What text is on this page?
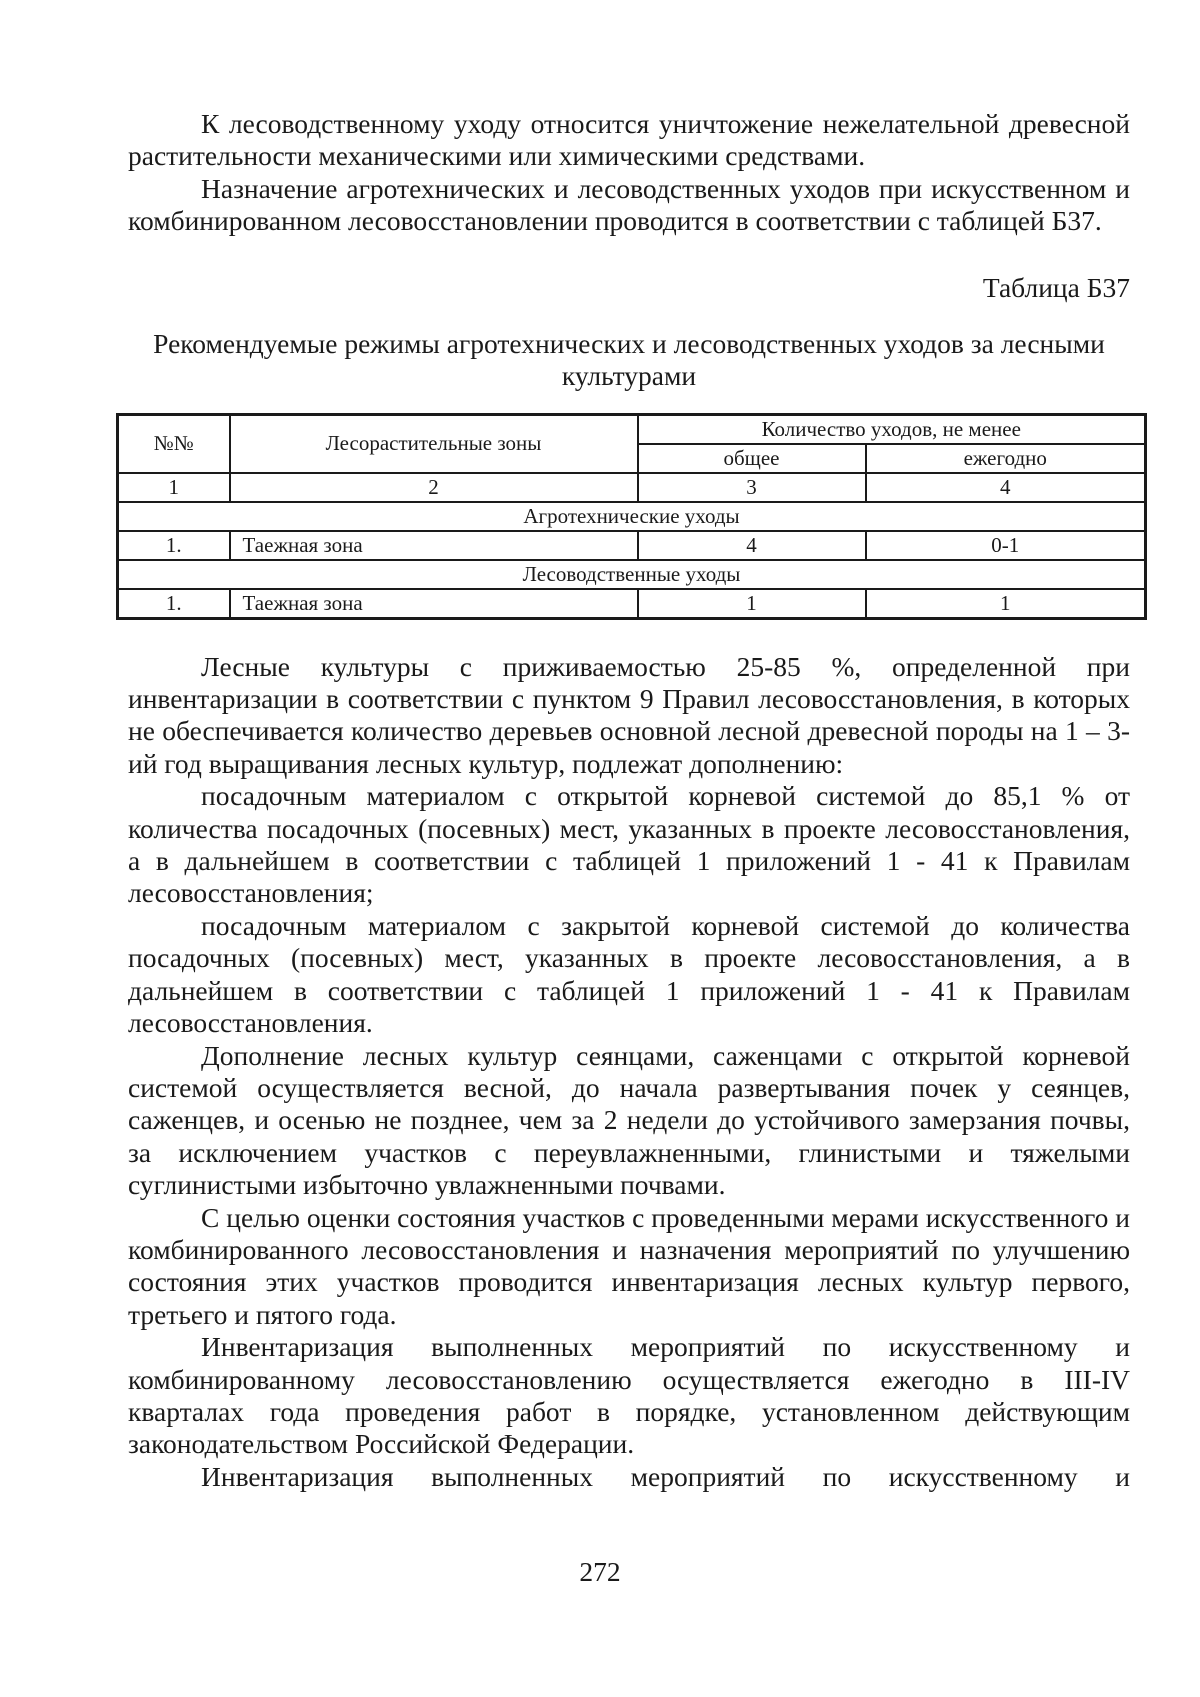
К лесоводственному уходу относится уничтожение нежелательной древесной растительности механическими или химическими средствами.

Назначение агротехнических и лесоводственных уходов при искусственном и комбинированном лесовосстановлении проводится в соответствии с таблицей Б37.

Таблица Б37
Рекомендуемые режимы агротехнических и лесоводственных уходов за лесными культурами
№№	Лесорастительные зоны	Количество уходов, не менее	
		общее	ежегодно
1	2	3	4
Агротехнические уходы			
1.	Таежная зона	4	0-1
Лесоводственные уходы			
1.	Таежная зона	1	1

Лесные культуры с приживаемостью 25-85 %, определенной при инвентаризации в соответствии с пунктом 9 Правил лесовосстановления, в которых не обеспечивается количество деревьев основной лесной древесной породы на 1 – 3-ий год выращивания лесных культур, подлежат дополнению:

посадочным материалом с открытой корневой системой до 85,1 % от количества посадочных (посевных) мест, указанных в проекте лесовосстановления, а в дальнейшем в соответствии с таблицей 1 приложений 1 - 41 к Правилам лесовосстановления;

посадочным материалом с закрытой корневой системой до количества посадочных (посевных) мест, указанных в проекте лесовосстановления, а в дальнейшем в соответствии с таблицей 1 приложений 1 - 41 к Правилам лесовосстановления.

Дополнение лесных культур сеянцами, саженцами с открытой корневой системой осуществляется весной, до начала развертывания почек у сеянцев, саженцев, и осенью не позднее, чем за 2 недели до устойчивого замерзания почвы, за исключением участков с переувлажненными, глинистыми и тяжелыми суглинистыми избыточно увлажненными почвами.

С целью оценки состояния участков с проведенными мерами искусственного и комбинированного лесовосстановления и назначения мероприятий по улучшению состояния этих участков проводится инвентаризация лесных культур первого, третьего и пятого года.

Инвентаризация выполненных мероприятий по искусственному и комбинированному лесовосстановлению осуществляется ежегодно в III-IV кварталах года проведения работ в порядке, установленном действующим законодательством Российской Федерации.

Инвентаризация выполненных мероприятий по искусственному и

272
